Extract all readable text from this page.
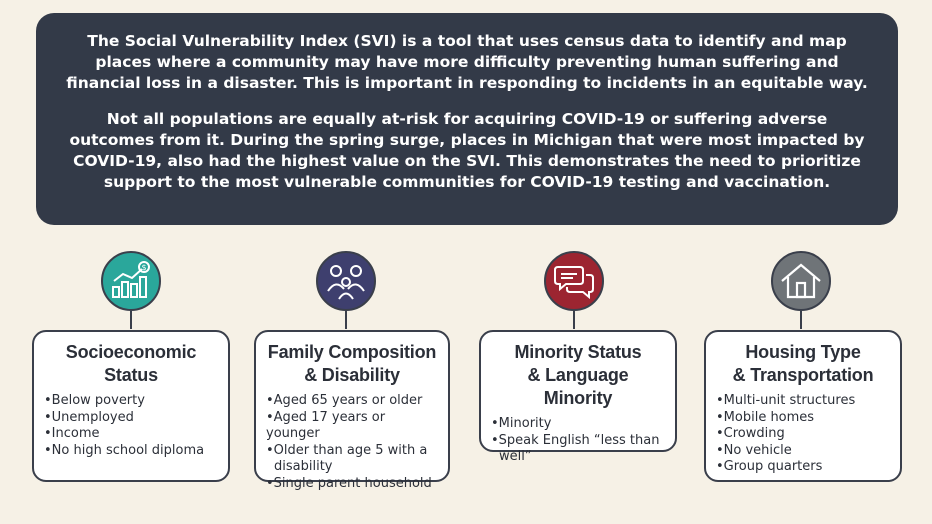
The Social Vulnerability Index (SVI) is a tool that uses census data to identify and map places where a community may have more difficulty preventing human suffering and financial loss in a disaster. This is important in responding to incidents in an equitable way.

Not all populations are equally at-risk for acquiring COVID-19 or suffering adverse outcomes from it. During the spring surge, places in Michigan that were most impacted by COVID-19, also had the highest value on the SVI. This demonstrates the need to prioritize support to the most vulnerable communities for COVID-19 testing and vaccination.

$
Socioeconomic
Status
•Below poverty
•Unemployed
•Income
•No high school diploma
Family Composition
& Disability
•Aged 65 years or older
•Aged 17 years or younger
•Older than age 5 with a
disability
•Single parent household
Minority Status
& Language Minority
•Minority
•Speak English “less than
well”
Housing Type
& Transportation
•Multi-unit structures
•Mobile homes
•Crowding
•No vehicle
•Group quarters
